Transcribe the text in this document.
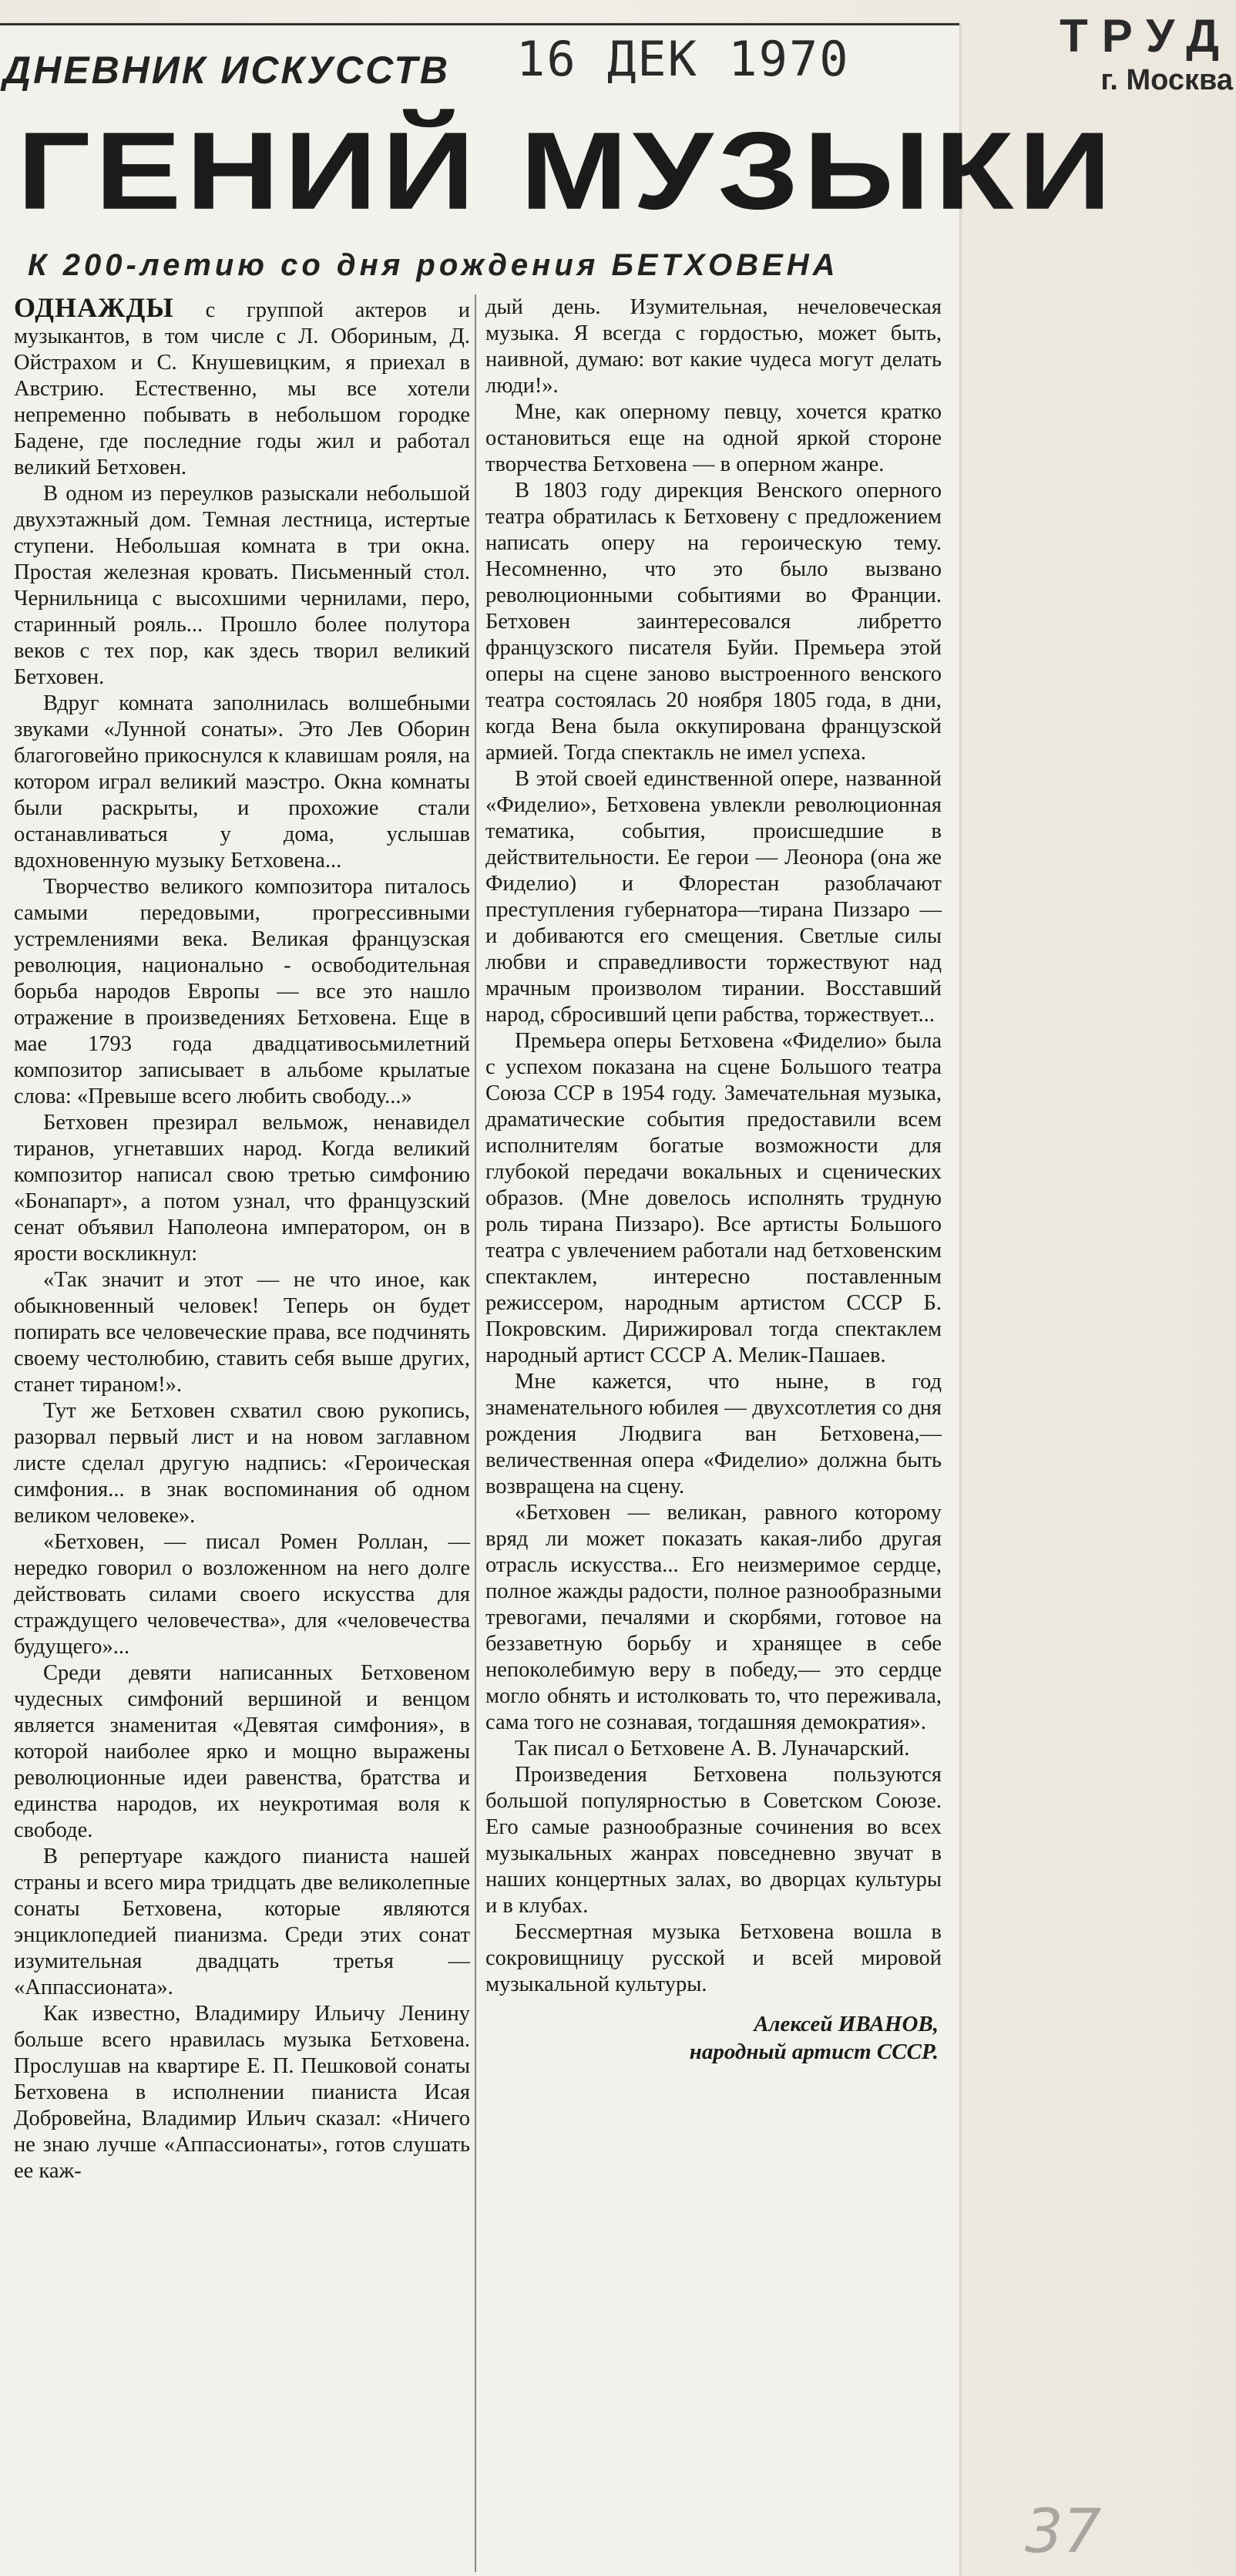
ДНЕВНИК ИСКУССТВ 16 ДЕК 1970	ТРУД
г. Москва
ГЕНИЙ МУЗЫКИ
К 200-летию со дня рождения БЕТХОВЕНА

ОДНАЖДЫ с группой актеров и музыкантов, в том числе с Л. Обориным, Д. Ойстрахом и С. Кнушевицким, я приехал в Австрию. Естественно, мы все хотели непременно побывать в небольшом городке Бадене, где последние годы жил и работал великий Бетховен.

В одном из переулков разыскали небольшой двухэтажный дом. Темная лестница, истертые ступени. Небольшая комната в три окна. Простая железная кровать. Письменный стол. Чернильница с высохшими чернилами, перо, старинный рояль... Прошло более полутора веков с тех пор, как здесь творил великий Бетховен.

Вдруг комната заполнилась волшебными звуками «Лунной сонаты». Это Лев Оборин благоговейно прикоснулся к клавишам рояля, на котором играл великий маэстро. Окна комнаты были раскрыты, и прохожие стали останавливаться у дома, услышав вдохновенную музыку Бетховена...

Творчество великого композитора питалось самыми передовыми, прогрессивными устремлениями века. Великая французская революция, национально - освободительная борьба народов Европы — все это нашло отражение в произведениях Бетховена. Еще в мае 1793 года двадцативосьмилетний композитор записывает в альбоме крылатые слова: «Превыше всего любить свободу...»

Бетховен презирал вельмож, ненавидел тиранов, угнетавших народ. Когда великий композитор написал свою третью симфонию «Бонапарт», а потом узнал, что французский сенат объявил Наполеона императором, он в ярости воскликнул:

«Так значит и этот — не что иное, как обыкновенный человек! Теперь он будет попирать все человеческие права, все подчинять своему честолюбию, ставить себя выше других, станет тираном!».

Тут же Бетховен схватил свою рукопись, разорвал первый лист и на новом заглавном листе сделал другую надпись: «Героическая симфония... в знак воспоминания об одном великом человеке».

«Бетховен, — писал Ромен Роллан, — нередко говорил о возложенном на него долге действовать силами своего искусства для страждущего человечества», для «человечества будущего»...

Среди девяти написанных Бетховеном чудесных симфоний вершиной и венцом является знаменитая «Девятая симфония», в которой наиболее ярко и мощно выражены революционные идеи равенства, братства и единства народов, их неукротимая воля к свободе.

В репертуаре каждого пианиста нашей страны и всего мира тридцать две великолепные сонаты Бетховена, которые являются энциклопедией пианизма. Среди этих сонат изумительная двадцать третья — «Аппассионата».

Как известно, Владимиру Ильичу Ленину больше всего нравилась музыка Бетховена. Прослушав на квартире Е. П. Пешковой сонаты Бетховена в исполнении пианиста Исая Добровейна, Владимир Ильич сказал: «Ничего не знаю лучше «Аппассионаты», готов слушать ее каж-

дый день. Изумительная, нечеловеческая музыка. Я всегда с гордостью, может быть, наивной, думаю: вот какие чудеса могут делать люди!».

Мне, как оперному певцу, хочется кратко остановиться еще на одной яркой стороне творчества Бетховена — в оперном жанре.

В 1803 году дирекция Венского оперного театра обратилась к Бетховену с предложением написать оперу на героическую тему. Несомненно, что это было вызвано революционными событиями во Франции. Бетховен заинтересовался либретто французского писателя Буйи. Премьера этой оперы на сцене заново выстроенного венского театра состоялась 20 ноября 1805 года, в дни, когда Вена была оккупирована французской армией. Тогда спектакль не имел успеха.

В этой своей единственной опере, названной «Фиделио», Бетховена увлекли революционная тематика, события, происшедшие в действительности. Ее герои — Леонора (она же Фиделио) и Флорестан разоблачают преступления губернатора—тирана Пиззаро — и добиваются его смещения. Светлые силы любви и справедливости торжествуют над мрачным произволом тирании. Восставший народ, сбросивший цепи рабства, торжествует...

Премьера оперы Бетховена «Фиделио» была с успехом показана на сцене Большого театра Союза ССР в 1954 году. Замечательная музыка, драматические события предоставили всем исполнителям богатые возможности для глубокой передачи вокальных и сценических образов. (Мне довелось исполнять трудную роль тирана Пиззаро). Все артисты Большого театра с увлечением работали над бетховенским спектаклем, интересно поставленным режиссером, народным артистом СССР Б. Покровским. Дирижировал тогда спектаклем народный артист СССР А. Мелик-Пашаев.

Мне кажется, что ныне, в год знаменательного юбилея — двухсотлетия со дня рождения Людвига ван Бетховена,— величественная опера «Фиделио» должна быть возвращена на сцену.

«Бетховен — великан, равного которому вряд ли может показать какая-либо другая отрасль искусства... Его неизмеримое сердце, полное жажды радости, полное разнообразными тревогами, печалями и скорбями, готовое на беззаветную борьбу и хранящее в себе непоколебимую веру в победу,— это сердце могло обнять и истолковать то, что переживала, сама того не сознавая, тогдашняя демократия».

Так писал о Бетховене А. В. Луначарский.

Произведения Бетховена пользуются большой популярностью в Советском Союзе. Его самые разнообразные сочинения во всех музыкальных жанрах повседневно звучат в наших концертных залах, во дворцах культуры и в клубах.

Бессмертная музыка Бетховена вошла в сокровищницу русской и всей мировой музыкальной культуры.

Алексей ИВАНОВ,
народный артист СССР.
37
